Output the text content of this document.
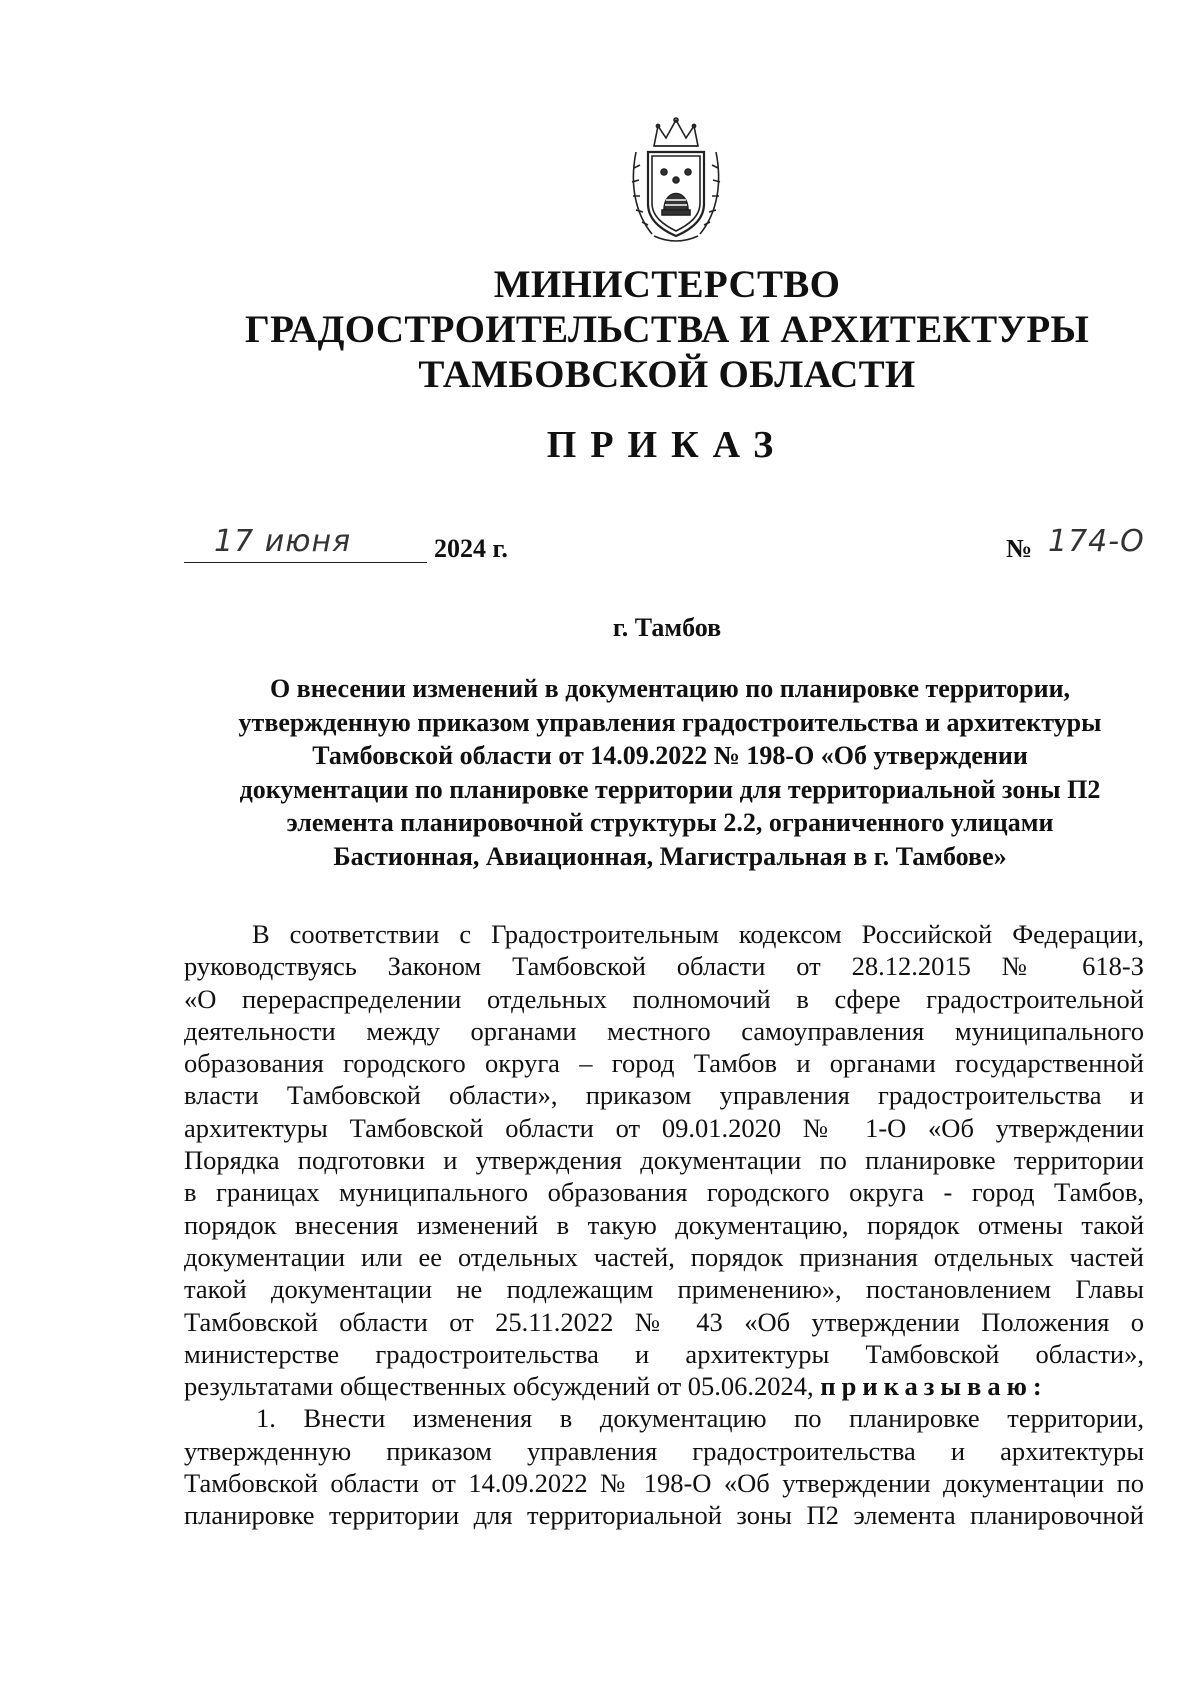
МИНИСТЕРСТВО
ГРАДОСТРОИТЕЛЬСТВА И АРХИТЕКТУРЫ
ТАМБОВСКОЙ ОБЛАСТИ
ПРИКАЗ
17 июня	2024 г.	№ 174-О
г. Тамбов
О внесении изменений в документацию по планировке территории,
утвержденную приказом управления градостроительства и архитектуры
Тамбовской области от 14.09.2022 № 198-О «Об утверждении
документации по планировке территории для территориальной зоны П2
элемента планировочной структуры 2.2, ограниченного улицами
Бастионная, Авиационная, Магистральная в г. Тамбове»
В соответствии с Градостроительным кодексом Российской Федерации,
руководствуясь Законом Тамбовской области от 28.12.2015 № 618-З
«О перераспределении отдельных полномочий в сфере градостроительной
деятельности между органами местного самоуправления муниципального
образования городского округа – город Тамбов и органами государственной
власти Тамбовской области», приказом управления градостроительства и
архитектуры Тамбовской области от 09.01.2020 № 1-О «Об утверждении
Порядка подготовки и утверждения документации по планировке территории
в границах муниципального образования городского округа - город Тамбов,
порядок внесения изменений в такую документацию, порядок отмены такой
документации или ее отдельных частей, порядок признания отдельных частей
такой документации не подлежащим применению», постановлением Главы
Тамбовской области от 25.11.2022 № 43 «Об утверждении Положения о
министерстве градостроительства и архитектуры Тамбовской области»,
результатами общественных обсуждений от 05.06.2024, приказываю:
1. Внести изменения в документацию по планировке территории,
утвержденную приказом управления градостроительства и архитектуры
Тамбовской области от 14.09.2022 № 198-О «Об утверждении документации по
планировке территории для территориальной зоны П2 элемента планировочной
